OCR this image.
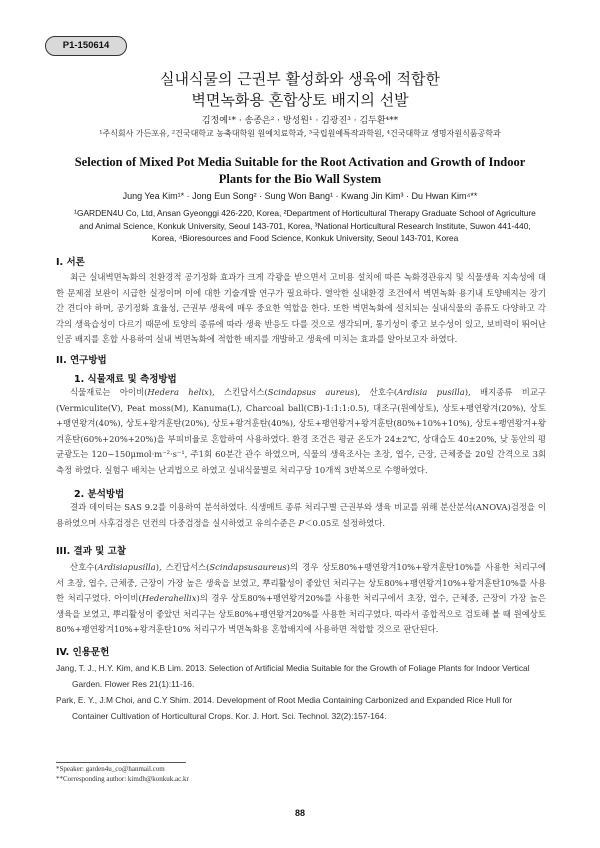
P1-150614
실내식물의 근권부 활성화와 생육에 적합한
벽면녹화용 혼합상토 배지의 선발
김정예¹* · 송종은² · 방성원¹ · 김광진³ · 김두환⁴**
¹주식회사 가든포유, ²건국대학교 농축대학원 원예치료학과, ³국립원예특작과학원, ⁴건국대학교 생명자원식품공학과
Selection of Mixed Pot Media Suitable for the Root Activation and Growth of Indoor Plants for the Bio Wall System
Jung Yea Kim¹* · Jong Eun Song² · Sung Won Bang¹ · Kwang Jin Kim³ · Du Hwan Kim⁴**
¹GARDEN4U Co, Ltd, Ansan Gyeonggi 426-220, Korea, ²Department of Horticultural Therapy Graduate School of Agriculture and Animal Science, Konkuk University, Seoul 143-701, Korea, ³National Horticultural Research Institute, Suwon 441-440, Korea, ⁴Bioresources and Food Science, Konkuk University, Seoul 143-701, Korea
I. 서론
최근 실내벽면녹화의 친환경적 공기정화 효과가 크게 각광을 받으면서 고비용 설치에 따른 녹화경관유지 및 식물생육 지속성에 대한 문제점 보완이 시급한 실정이며 이에 대한 기술개발 연구가 필요하다. 열악한 실내환경 조건에서 벽면녹화 용기내 토양배지는 장기간 견디야 하며, 공기정화 효율성, 근권부 생육에 매우 중요한 역할을 한다. 또한 벽면녹화에 설치되는 실내식물의 종류도 다양하고 각각의 생육습성이 다르기 때문에 토양의 종류에 따라 생육 반응도 다를 것으로 생각되며, 통기성이 좋고 보수성이 있고, 보비력이 뛰어난 인공 배지를 혼합 사용하여 실내 벽면녹화에 적합한 배지를 개발하고 생육에 미치는 효과를 알아보고자 하였다.
II. 연구방법
1. 식물재료 및 측정방법
식물재료는 아이비(Hedera helix), 스킨답서스(Scindapsus aureus), 산호수(Ardisia pusilla), 배지종류 비교구(Vermiculite(V), Peat moss(M), Kanuma(L), Charcoal ball(CB)-1:1:1:0.5), 대조구(원예상토), 상토+팽연왕겨(20%), 상토+팽연왕겨(40%), 상토+왕겨훈탄(20%), 상토+왕겨훈탄(40%), 상토+팽연왕겨+왕겨훈탄(80%+10%+10%), 상토+팽연왕겨+왕겨훈탄(60%+20%+20%)을 부피비율로 혼합하여 사용하였다. 환경 조건은 평균 온도가 24±2℃, 상대습도 40±20%, 낮 동안의 평균광도는 120~150μmol·m⁻²·s⁻¹, 주1회 60분간 관수 하였으며, 식물의 생육조사는 초장, 엽수, 근장, 근체중을 20일 간격으로 3회 측정 하였다. 실험구 배치는 난괴법으로 하였고 실내식물별로 처리구당 10개씩 3반복으로 수행하였다.
2. 분석방법
결과 데이터는 SAS 9.2를 이용하여 분석하였다. 식생매트 종류 처리구별 근권부와 생육 비교를 위해 분산분석(ANOVA)검정을 이용하였으며 사후검정은 던컨의 다중검정을 실시하였고 유의수준은 P＜0.05로 설정하였다.
III. 결과 및 고찰
산호수(Ardisiapusilla), 스킨답서스(Scindapsusaureus)의 경우 상토80%+팽연왕겨10%+왕겨훈탄10%를 사용한 처리구에서 초장, 엽수, 근체중, 근장이 가장 높은 생육을 보였고, 뿌리활성이 좋았던 처리구는 상토80%+팽연왕겨10%+왕겨훈탄10%를 사용한 처리구였다. 아이비(Hederahellix)의 경우 상토80%+팽연왕겨20%를 사용한 처리구에서 초장, 엽수, 근체중, 근장이 가장 높은 생육을 보였고, 뿌리활성이 좋았던 처리구는 상토80%+팽연왕겨20%를 사용한 처리구였다. 따라서 종합적으로 검토해 볼 때 원예상토80%+팽연왕겨10%+왕겨훈탄10% 처리구가 벽면녹화용 혼합배지에 사용하면 적합할 것으로 판단된다.
IV. 인용문헌
Jang, T. J., H.Y. Kim, and K.B Lim. 2013. Selection of Artificial Media Suitable for the Growth of Foliage Plants for Indoor Vertical Garden. Flower Res 21(1):11-16.
Park, E. Y., J.M Choi, and C.Y Shim. 2014. Development of Root Media Containing Carbonized and Expanded Rice Hull for Container Cultivation of Horticultural Crops. Kor. J. Hort. Sci. Technol. 32(2):157-164.
*Speaker: garden4u_co@hanmail.com
**Corresponding author: kimdh@konkuk.ac.kr
88
